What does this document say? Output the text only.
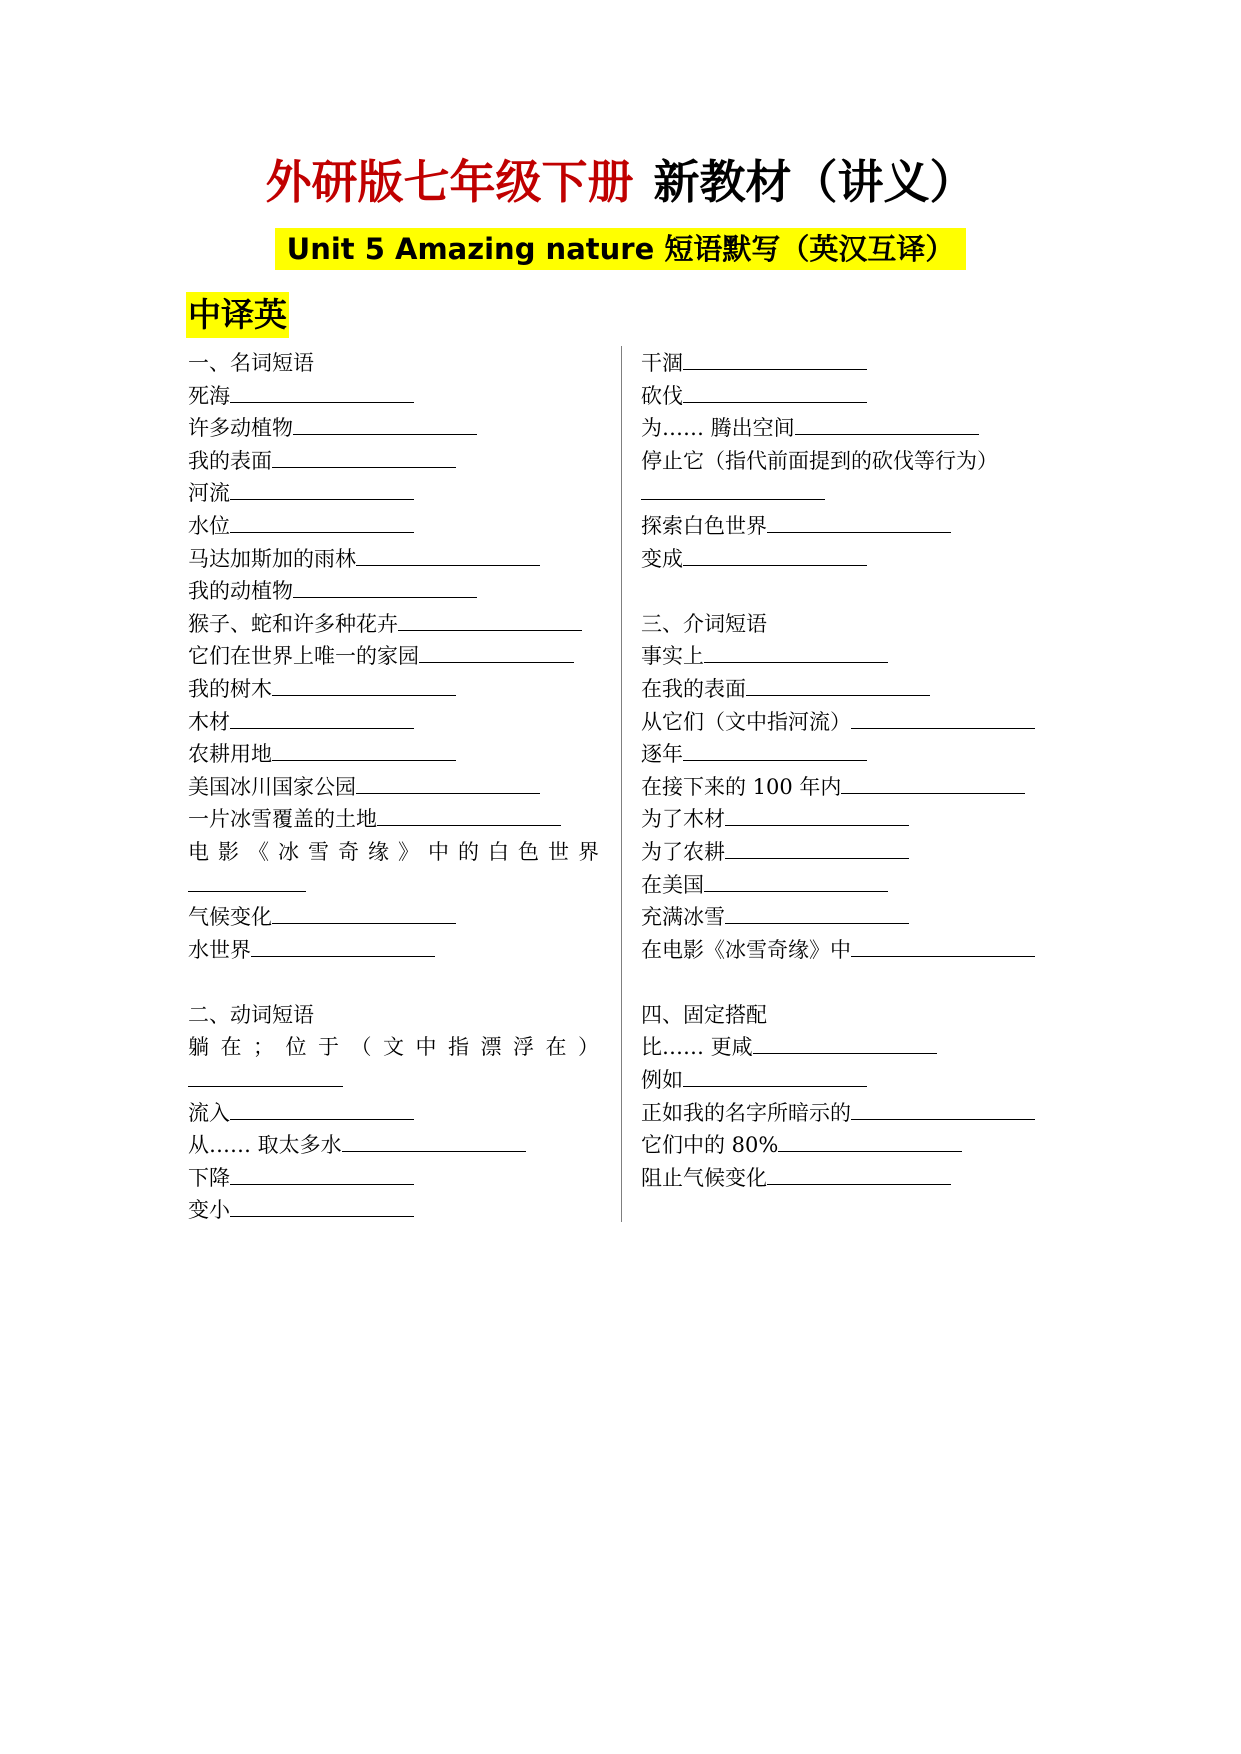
外研版七年级下册 新教材（讲义）
Unit 5 Amazing nature 短语默写（英汉互译）
中译英
一、名词短语
死海
许多动植物
我的表面
河流
水位
马达加斯加的雨林
我的动植物
猴子、蛇和许多种花卉
它们在世界上唯一的家园
我的树木
木材
农耕用地
美国冰川国家公园
一片冰雪覆盖的土地
电影《冰雪奇缘》中的白色世界
气候变化
水世界
二、动词短语
躺在；位于（文中指漂浮在）
流入
从…… 取太多水
下降
变小
干涸
砍伐
为…… 腾出空间
停止它（指代前面提到的砍伐等行为）
探索白色世界
变成
三、介词短语
事实上
在我的表面
从它们（文中指河流）
逐年
在接下来的 100 年内
为了木材
为了农耕
在美国
充满冰雪
在电影《冰雪奇缘》中
四、固定搭配
比…… 更咸
例如
正如我的名字所暗示的
它们中的 80%
阻止气候变化
